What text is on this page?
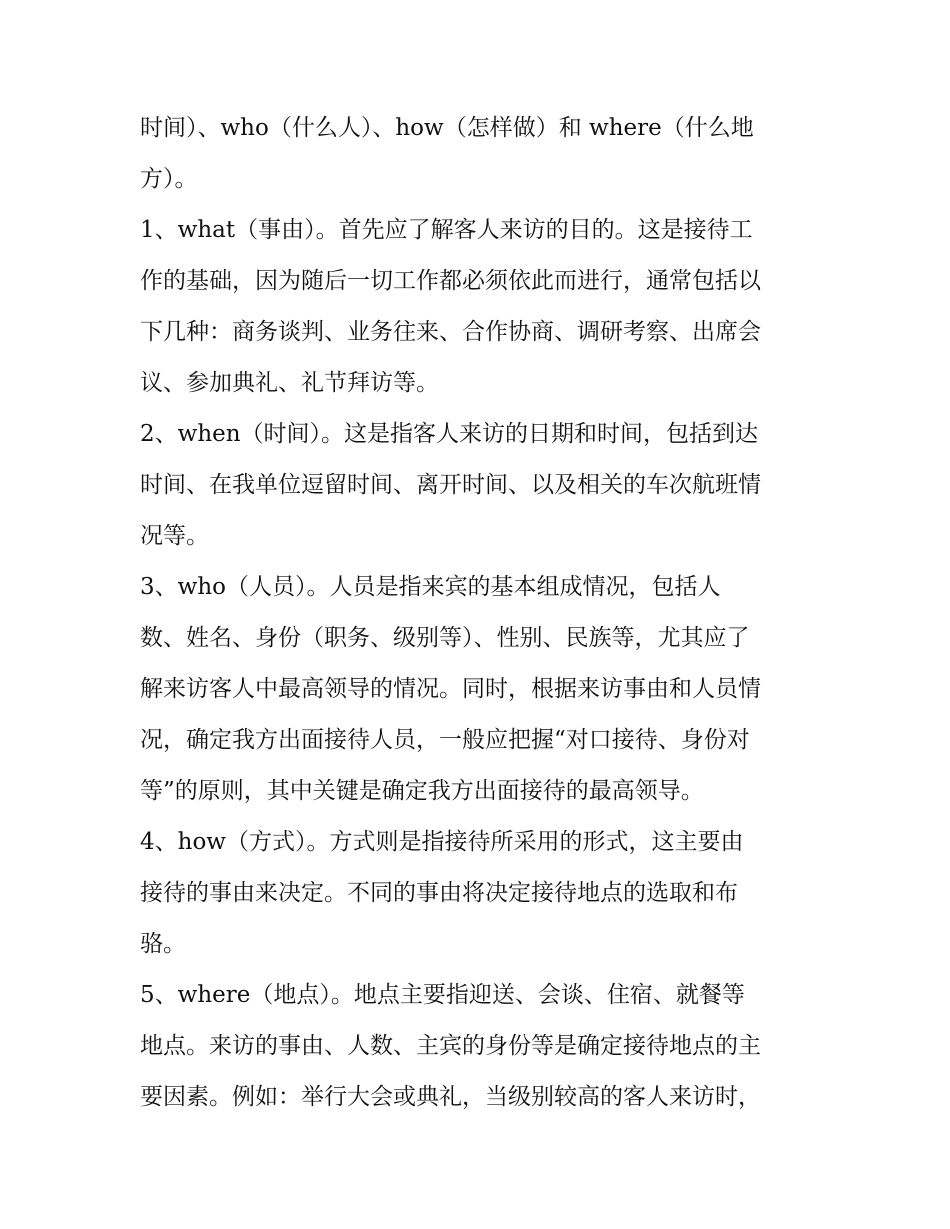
时间）、who（什么人）、how（怎样做）和 where（什么地
方）。
1、what（事由）。首先应了解客人来访的目的。这是接待工
作的基础，因为随后一切工作都必须依此而进行，通常包括以
下几种：商务谈判、业务往来、合作协商、调研考察、出席会
议、参加典礼、礼节拜访等。
2、when（时间）。这是指客人来访的日期和时间，包括到达
时间、在我单位逗留时间、离开时间、以及相关的车次航班情
况等。
3、who（人员）。人员是指来宾的基本组成情况，包括人
数、姓名、身份（职务、级别等）、性别、民族等，尤其应了
解来访客人中最高领导的情况。同时，根据来访事由和人员情
况，确定我方出面接待人员，一般应把握“对口接待、身份对
等”的原则，其中关键是确定我方出面接待的最高领导。
4、how（方式）。方式则是指接待所采用的形式，这主要由
接待的事由来决定。不同的事由将决定接待地点的选取和布
骆。
5、where（地点）。地点主要指迎送、会谈、住宿、就餐等
地点。来访的事由、人数、主宾的身份等是确定接待地点的主
要因素。例如：举行大会或典礼，当级别较高的客人来访时，
